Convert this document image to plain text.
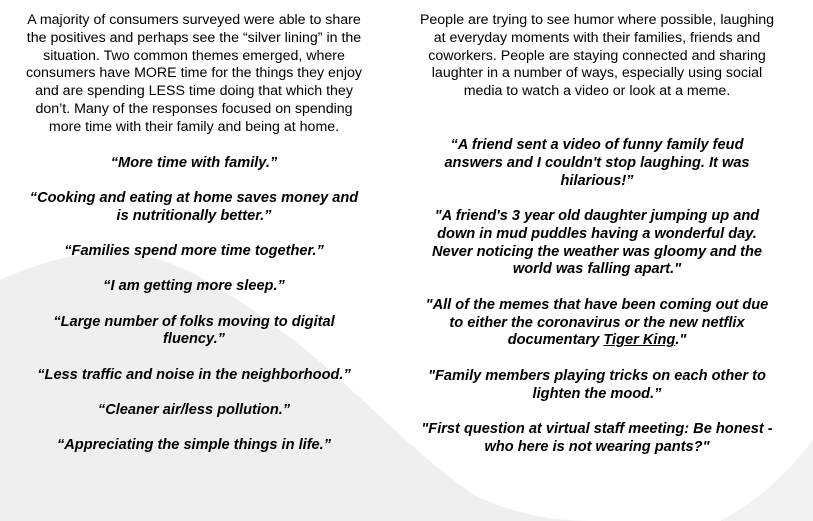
A majority of consumers surveyed were able to share the positives and perhaps see the “silver lining” in the situation. Two common themes emerged, where consumers have MORE time for the things they enjoy and are spending LESS time doing that which they don’t. Many of the responses focused on spending more time with their family and being at home.

“More time with family.”
“Cooking and eating at home saves money and is nutritionally better.”
“Families spend more time together.”
“I am getting more sleep.”
“Large number of folks moving to digital fluency.”
“Less traffic and noise in the neighborhood.”
“Cleaner air/less pollution.”
“Appreciating the simple things in life.”

People are trying to see humor where possible, laughing at everyday moments with their families, friends and coworkers. People are staying connected and sharing laughter in a number of ways, especially using social media to watch a video or look at a meme.

“A friend sent a video of funny family feud answers and I couldn't stop laughing. It was hilarious!”
"A friend's 3 year old daughter jumping up and down in mud puddles having a wonderful day. Never noticing the weather was gloomy and the world was falling apart."
"All of the memes that have been coming out due to either the coronavirus or the new netflix documentary Tiger King."
"Family members playing tricks on each other to lighten the mood.”
"First question at virtual staff meeting: Be honest - who here is not wearing pants?"
